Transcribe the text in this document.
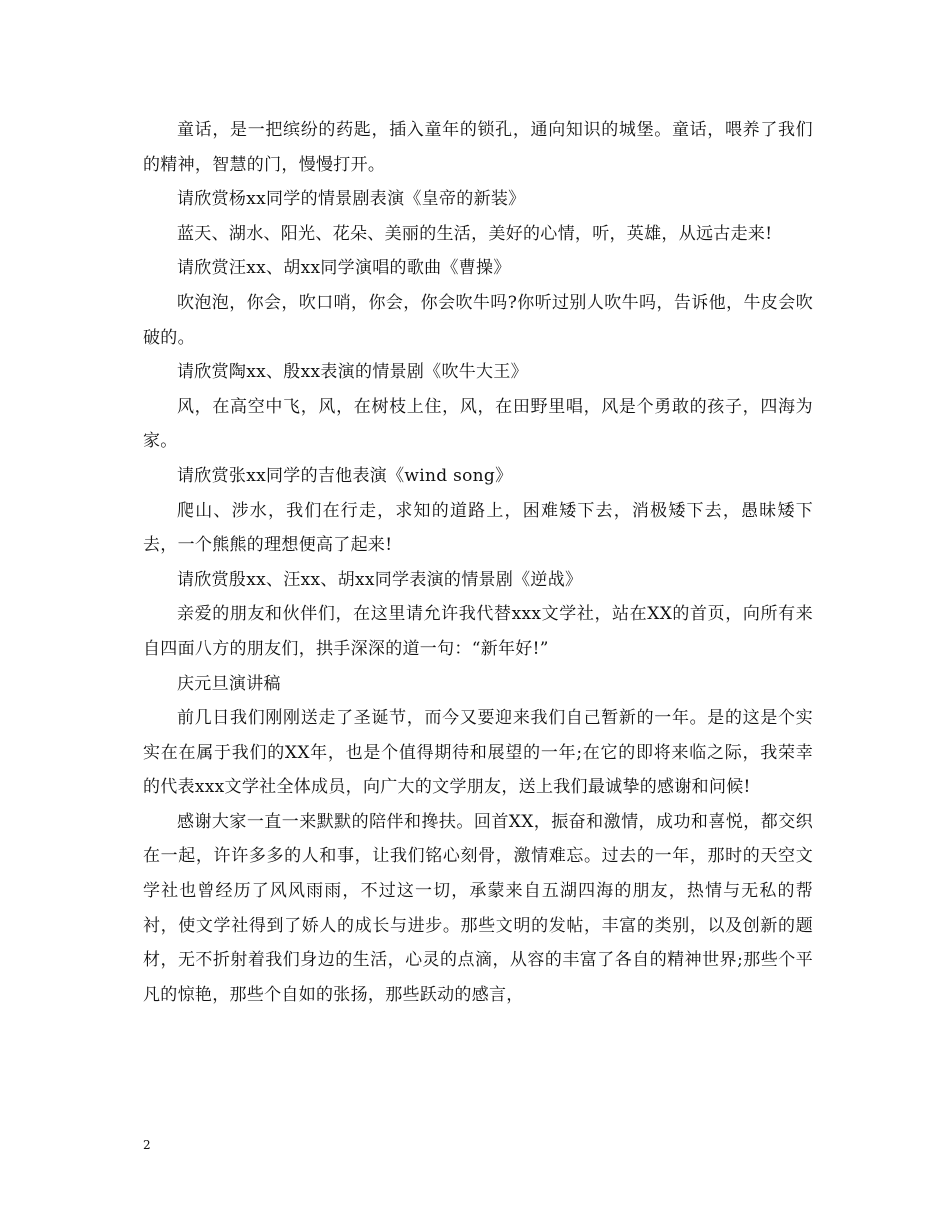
童话，是一把缤纷的药匙，插入童年的锁孔，通向知识的城堡。童话，喂养了我们的精神，智慧的门，慢慢打开。

请欣赏杨xx同学的情景剧表演《皇帝的新装》

蓝天、湖水、阳光、花朵、美丽的生活，美好的心情，听，英雄，从远古走来!

请欣赏汪xx、胡xx同学演唱的歌曲《曹操》

吹泡泡，你会，吹口哨，你会，你会吹牛吗?你听过别人吹牛吗，告诉他，牛皮会吹破的。

请欣赏陶xx、殷xx表演的情景剧《吹牛大王》

风，在高空中飞，风，在树枝上住，风，在田野里唱，风是个勇敢的孩子，四海为家。

请欣赏张xx同学的吉他表演《wind song》

爬山、涉水，我们在行走，求知的道路上，困难矮下去，消极矮下去，愚昧矮下去，一个熊熊的理想便高了起来!

请欣赏殷xx、汪xx、胡xx同学表演的情景剧《逆战》

亲爱的朋友和伙伴们，在这里请允许我代替xxx文学社，站在XX的首页，向所有来自四面八方的朋友们，拱手深深的道一句：“新年好!”

庆元旦演讲稿

前几日我们刚刚送走了圣诞节，而今又要迎来我们自己暂新的一年。是的这是个实实在在属于我们的XX年，也是个值得期待和展望的一年;在它的即将来临之际，我荣幸的代表xxx文学社全体成员，向广大的文学朋友，送上我们最诚挚的感谢和问候!

感谢大家一直一来默默的陪伴和搀扶。回首XX，振奋和激情，成功和喜悦，都交织在一起，许许多多的人和事，让我们铭心刻骨，激情难忘。过去的一年，那时的天空文学社也曾经历了风风雨雨，不过这一切，承蒙来自五湖四海的朋友，热情与无私的帮衬，使文学社得到了娇人的成长与进步。那些文明的发帖，丰富的类别，以及创新的题材，无不折射着我们身边的生活，心灵的点滴，从容的丰富了各自的精神世界;那些个平凡的惊艳，那些个自如的张扬，那些跃动的感言，

2
